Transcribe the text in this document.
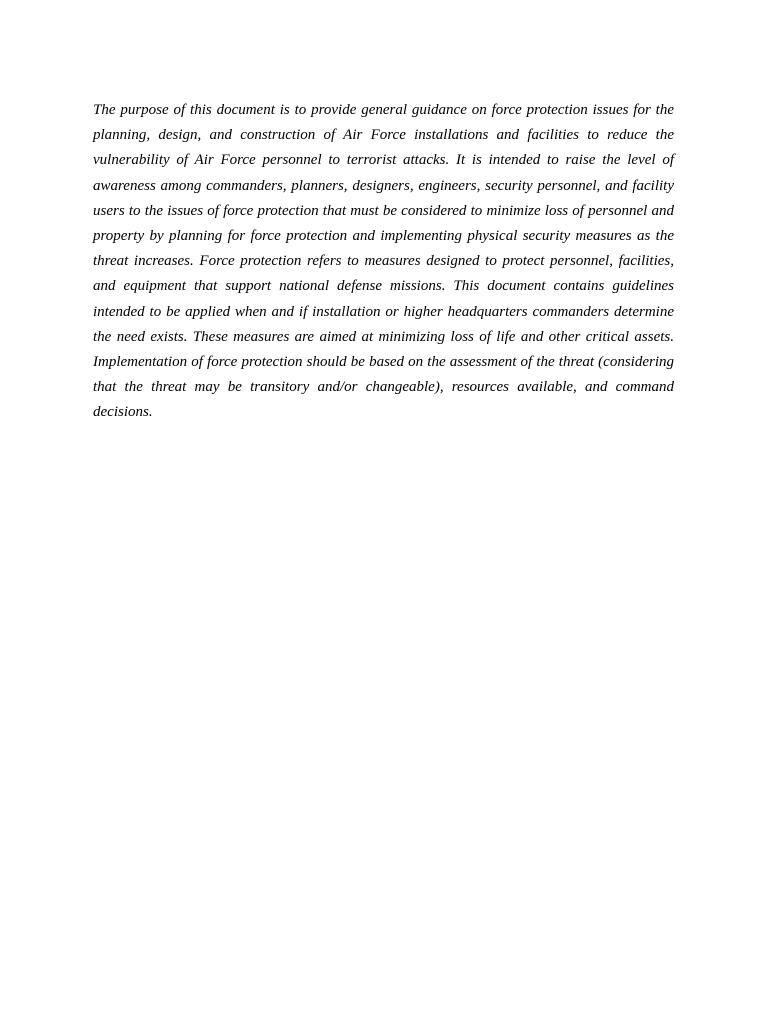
The purpose of this document is to provide general guidance on force protection issues for the planning, design, and construction of Air Force installations and facilities to reduce the vulnerability of Air Force personnel to terrorist attacks. It is intended to raise the level of awareness among commanders, planners, designers, engineers, security personnel, and facility users to the issues of force protection that must be considered to minimize loss of personnel and property by planning for force protection and implementing physical security measures as the threat increases. Force protection refers to measures designed to protect personnel, facilities, and equipment that support national defense missions. This document contains guidelines intended to be applied when and if installation or higher headquarters commanders determine the need exists. These measures are aimed at minimizing loss of life and other critical assets. Implementation of force protection should be based on the assessment of the threat (considering that the threat may be transitory and/or changeable), resources available, and command decisions.
